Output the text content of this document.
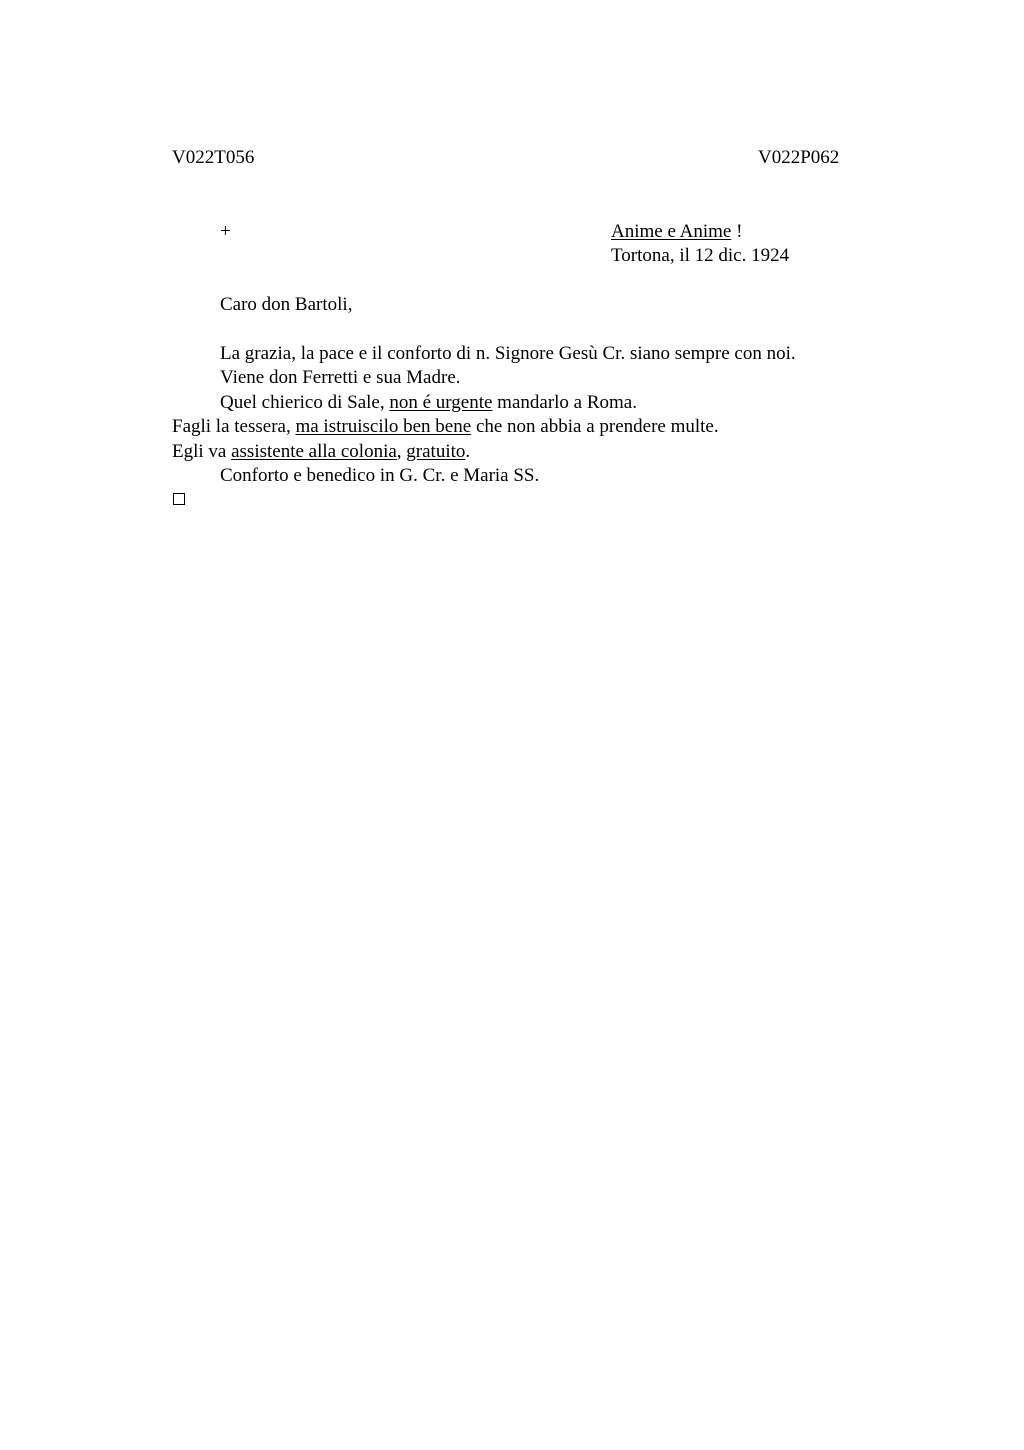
V022T056	V022P062
+	Anime e Anime !
Tortona, il 12 dic. 1924
Caro don Bartoli,
La grazia, la pace e il conforto di n. Signore Gesù Cr. siano sempre con noi.
Viene don Ferretti e sua Madre.
Quel chierico di Sale, non é urgente mandarlo a Roma.
Fagli la tessera, ma istruiscilo ben bene che non abbia a prendere multe.
Egli va assistente alla colonia, gratuito.
Conforto e benedico in G. Cr. e Maria SS.
